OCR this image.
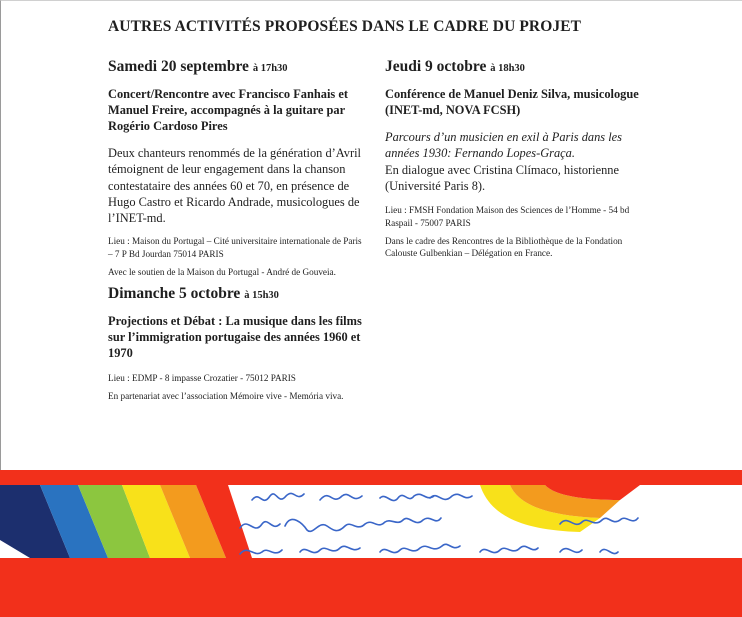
AUTRES ACTIVITÉS PROPOSÉES DANS LE CADRE DU PROJET
Samedi 20 septembre à 17h30

Concert/Rencontre avec Francisco Fanhais et Manuel Freire, accompagnés à la guitare par Rogério Cardoso Pires

Deux chanteurs renommés de la génération d’Avril témoignent de leur engagement dans la chanson contestataire des années 60 et 70, en présence de Hugo Castro et Ricardo Andrade, musicologues de l’INET-md.

Lieu : Maison du Portugal – Cité universitaire internationale de Paris – 7 P Bd Jourdan 75014 PARIS

Avec le soutien de la Maison du Portugal - André de Gouveia.

Dimanche 5 octobre à 15h30

Projections et Débat : La musique dans les films sur l’immigration portugaise des années 1960 et 1970

Lieu : EDMP - 8 impasse Crozatier - 75012 PARIS

En partenariat avec l’association Mémoire vive - Memória viva.

Jeudi 9 octobre à 18h30

Conférence de Manuel Deniz Silva, musicologue (INET-md, NOVA FCSH)

Parcours d’un musicien en exil à Paris dans les années 1930: Fernando Lopes-Graça.
En dialogue avec Cristina Clímaco, historienne (Université Paris 8).

Lieu : FMSH Fondation Maison des Sciences de l’Homme - 54 bd Raspail - 75007 PARIS

Dans le cadre des Rencontres de la Bibliothèque de la Fondation Calouste Gulbenkian – Délégation en France.
